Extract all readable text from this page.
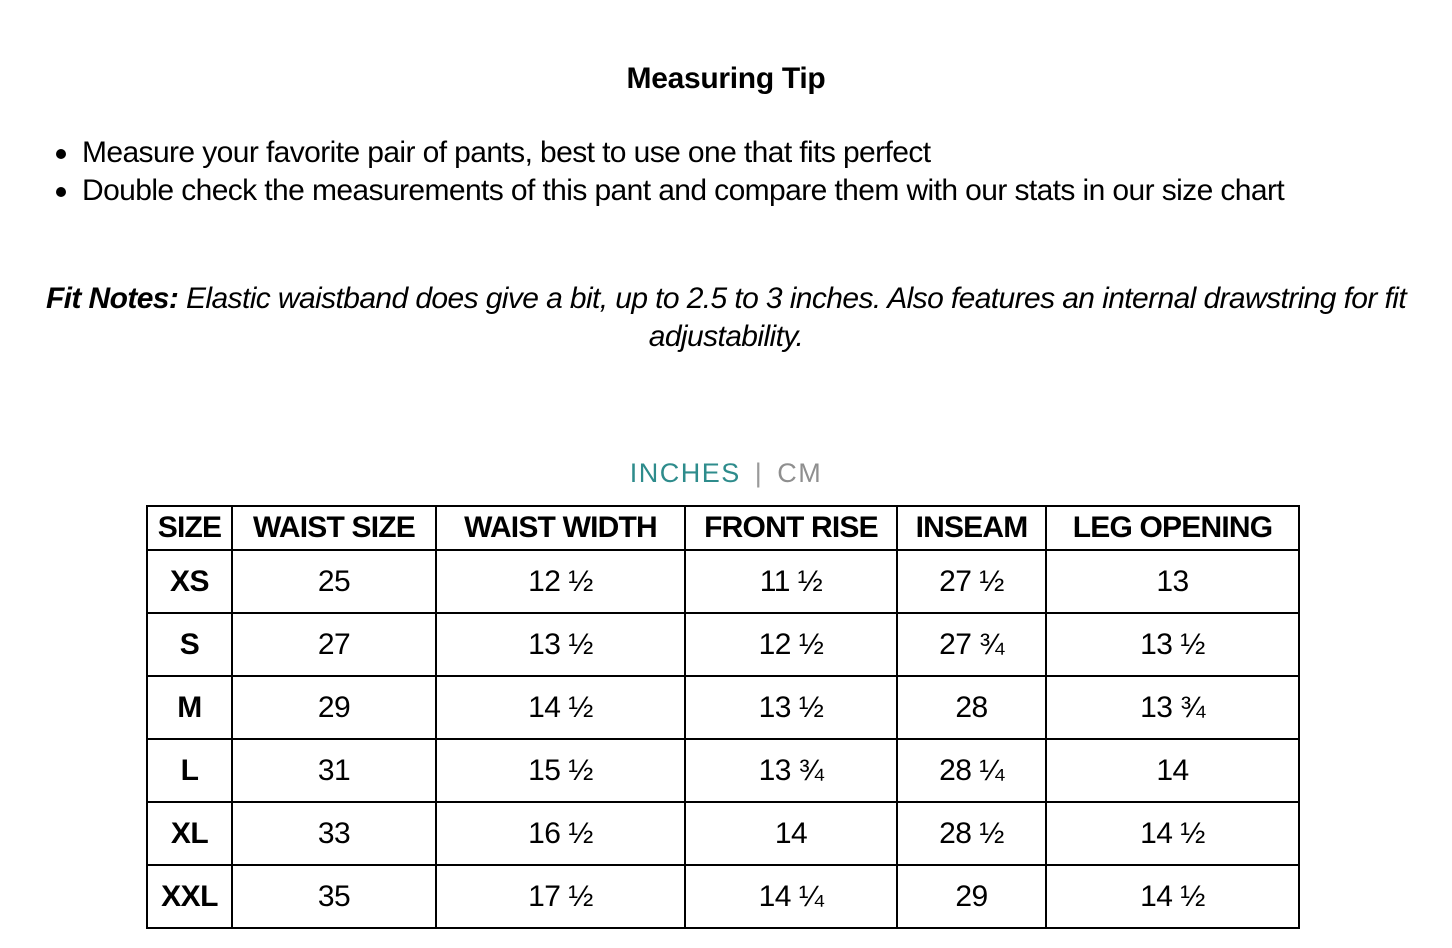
Measuring Tip
Measure your favorite pair of pants, best to use one that fits perfect
Double check the measurements of this pant and compare them with our stats in our size chart

Fit Notes: Elastic waistband does give a bit, up to 2.5 to 3 inches. Also features an internal drawstring for fit adjustability.

INCHES | CM
SIZE	WAIST SIZE	WAIST WIDTH	FRONT RISE	INSEAM	LEG OPENING
XS	25	12 ½	11 ½	27 ½	13
S	27	13 ½	12 ½	27 ¾	13 ½
M	29	14 ½	13 ½	28	13 ¾
L	31	15 ½	13 ¾	28 ¼	14
XL	33	16 ½	14	28 ½	14 ½
XXL	35	17 ½	14 ¼	29	14 ½
